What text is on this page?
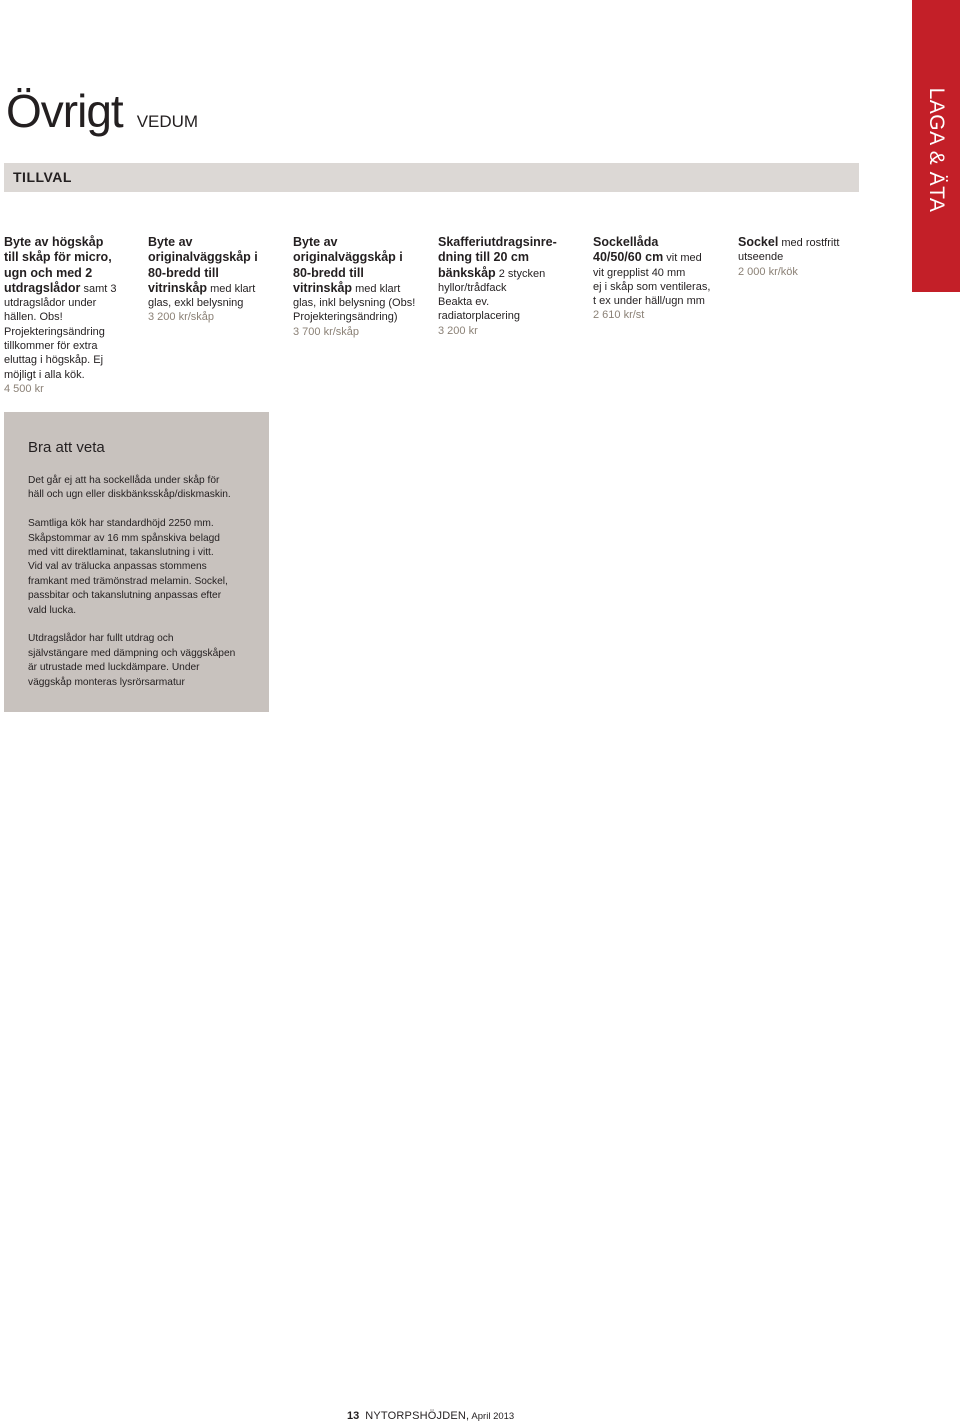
Övrigt VEDUM
TILLVAL	LAGA & ÄTA
Byte av högskåp
till skåp för micro,
ugn och med 2
utdragslådor samt 3
utdragslådor under
hällen. Obs!
Projekteringsändring
tillkommer för extra
eluttag i högskåp. Ej
möjligt i alla kök.
4 500 kr
Byte av
originalväggskåp i
80-bredd till
vitrinskåp med klart
glas, exkl belysning
3 200 kr/skåp
Byte av
originalväggskåp i
80-bredd till
vitrinskåp med klart
glas, inkl belysning (Obs!
Projekteringsändring)
3 700 kr/skåp
Skafferiutdragsinre-
dning till 20 cm
bänkskåp 2 stycken
hyllor/trådfack
Beakta ev.
radiatorplacering
3 200 kr
Sockellåda
40/50/60 cm vit med
vit grepplist 40 mm
ej i skåp som ventileras,
t ex under häll/ugn mm
2 610 kr/st
Sockel med rostfritt
utseende
2 000 kr/kök
Bra att veta

Det går ej att ha sockellåda under skåp för
häll och ugn eller diskbänksskåp/diskmaskin.

Samtliga kök har standardhöjd 2250 mm.
Skåpstommar av 16 mm spånskiva belagd
med vitt direktlaminat, takanslutning i vitt.
Vid val av trälucka anpassas stommens
framkant med trämönstrad melamin. Sockel,
passbitar och takanslutning anpassas efter
vald lucka.

Utdragslådor har fullt utdrag och
självstängare med dämpning och väggskåpen
är utrustade med luckdämpare. Under
väggskåp monteras lysrörsarmatur

13 NYTORPSHÖJDEN, April 2013
